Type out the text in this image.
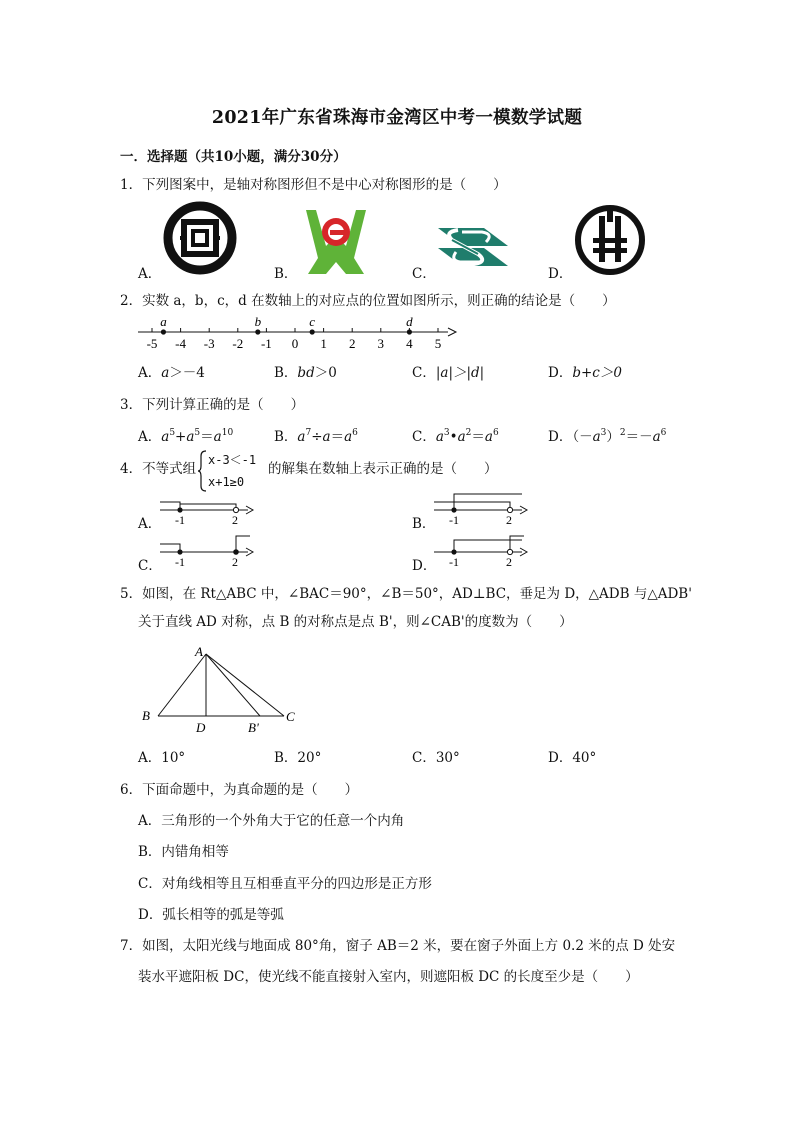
2021年广东省珠海市金湾区中考一模数学试题
一．选择题（共10小题，满分30分）
1．下列图案中，是轴对称图形但不是中心对称图形的是（　　）
A．	B．	C．	D．
2．实数 a，b，c，d 在数轴上的对应点的位置如图所示，则正确的结论是（　　）
-5 -4 -3 -2 -1 0 1 2 3 4 5
a	b	c	d
A．a＞－4	B．bd＞0	C．|a|＞|d|	D．b+c＞0
3．下列计算正确的是（　　）
A．$a^5+a^5=a^{10}$	B．$a^7\div a=a^6$	C．$a^3•a^2=a^6$	D．$(-a^3)^2=-a^6$
4．不等式组
x-3＜-1
x+1≥0
的解集在数轴上表示正确的是（　　）
A． -1	2	B． -1	2
C． -1	2	D． -1	2
5．如图，在 Rt△ABC 中，∠BAC＝90°，∠B＝50°，AD⊥BC，垂足为 D，△ADB 与△ADB'
关于直线 AD 对称，点 B 的对称点是点 B'，则∠CAB'的度数为（　　）
A
B	C
D	B'
A．10°	B．20°	C．30°	D．40°
6．下面命题中，为真命题的是（　　）
A．三角形的一个外角大于它的任意一个内角
B．内错角相等
C．对角线相等且互相垂直平分的四边形是正方形
D．弧长相等的弧是等弧
7．如图，太阳光线与地面成 80°角，窗子 AB＝2 米，要在窗子外面上方 0.2 米的点 D 处安
装水平遮阳板 DC，使光线不能直接射入室内，则遮阳板 DC 的长度至少是（　　）
